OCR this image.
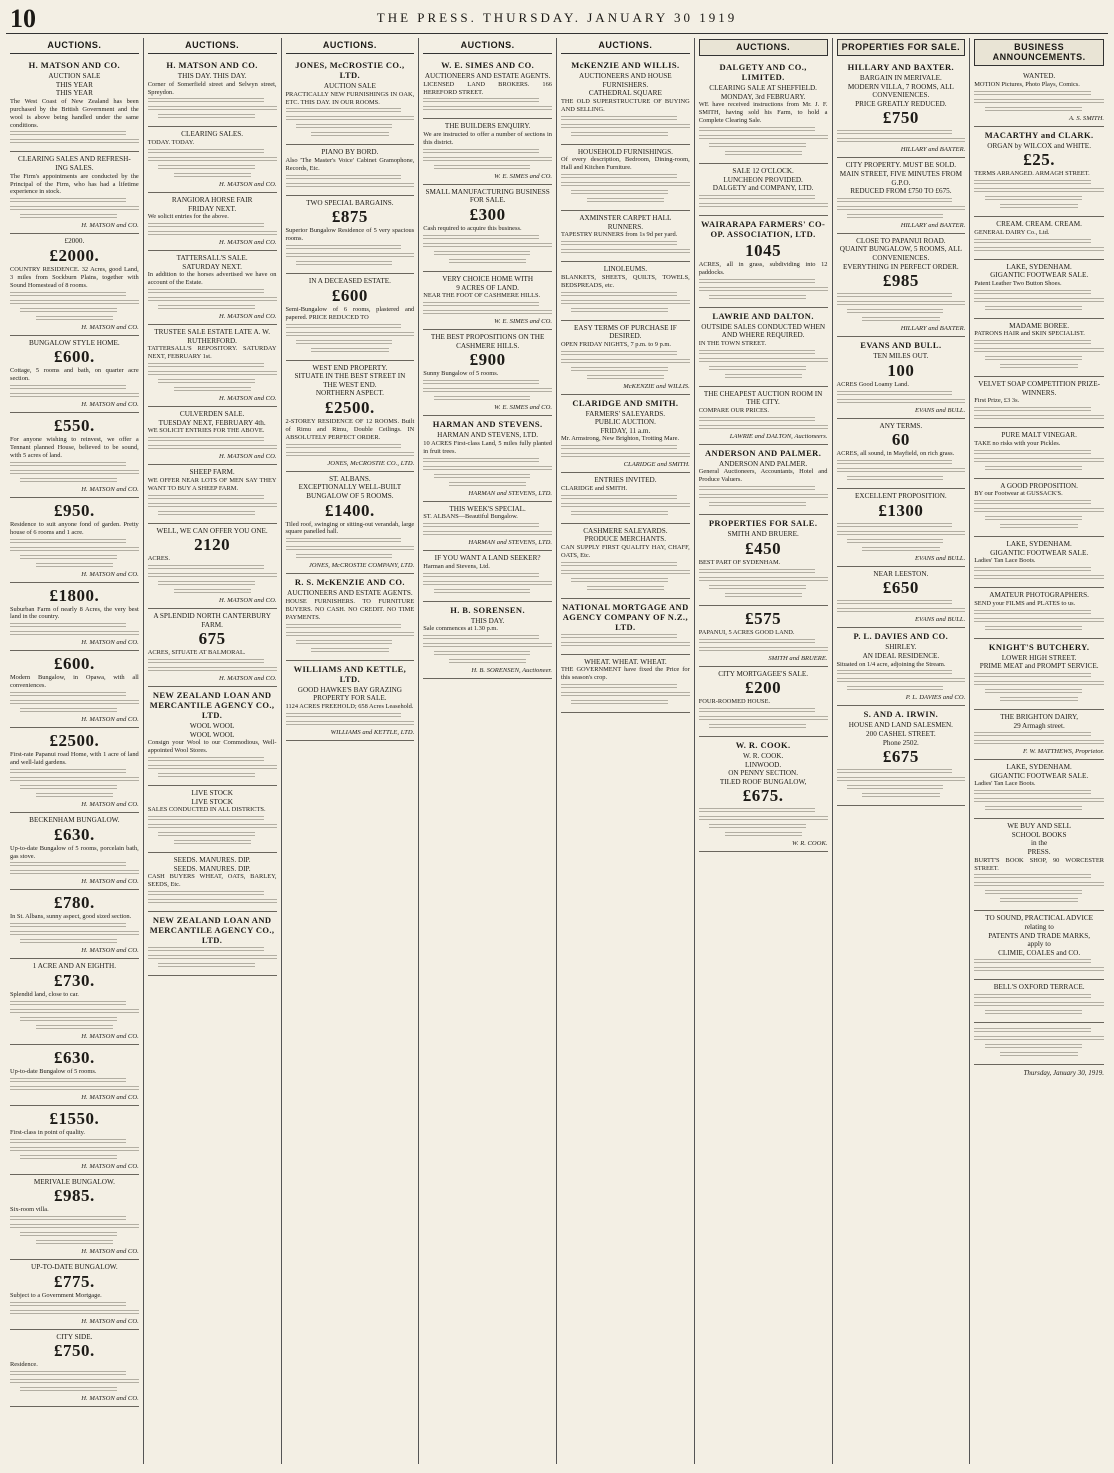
10	THE PRESS. THURSDAY. JANUARY 30 1919
AUCTIONS.
H. MATSON AND CO.
AUCTION SALE
THIS YEAR
THIS YEAR
The West Coast of New Zealand has been purchased by the British Government and the wool is above being handled under the same conditions.
CLEARING SALES AND REFRESH-
ING SALES.
The Firm's appointments are conducted by the Principal of the Firm, who has had a lifetime experience in stock.
H. MATSON and CO.
£2000.
£2000.
COUNTRY RESIDENCE. 32 Acres, good Land, 3 miles from Sockburn Plains, together with Sound Homestead of 8 rooms.
H. MATSON and CO.
BUNGALOW STYLE HOME.
£600.
Cottage, 5 rooms and bath, on quarter acre section.
H. MATSON and CO.
£550.
For anyone wishing to reinvest, we offer a Tennant planned House, believed to be sound, with 5 acres of land.
H. MATSON and CO.
£950.
Residence to suit anyone fond of garden. Pretty house of 6 rooms and 1 acre.
H. MATSON and CO.
£1800.
Suburban Farm of nearly 8 Acres, the very best land in the country.
H. MATSON and CO.
£600.
Modern Bungalow, in Opawa, with all conveniences.
H. MATSON and CO.
£2500.
First-rate Papanui road Home, with 1 acre of land and well-laid gardens.
H. MATSON and CO.
BECKENHAM BUNGALOW.
£630.
Up-to-date Bungalow of 5 rooms, porcelain bath, gas stove.
H. MATSON and CO.
£780.
In St. Albans, sunny aspect, good sized section.
H. MATSON and CO.
1 ACRE AND AN EIGHTH.
£730.
Splendid land, close to car.
H. MATSON and CO.
£630.
Up-to-date Bungalow of 5 rooms.
H. MATSON and CO.
£1550.
First-class in point of quality.
H. MATSON and CO.
MERIVALE BUNGALOW.
£985.
Six-room villa.
H. MATSON and CO.
UP-TO-DATE BUNGALOW.
£775.
Subject to a Government Mortgage.
H. MATSON and CO.
CITY SIDE.
£750.
Residence.
H. MATSON and CO.
AUCTIONS.
H. MATSON AND CO.
THIS DAY. THIS DAY.
Corner of Somerfield street and Selwyn street, Spreydon.
CLEARING SALES.
TODAY. TODAY.
H. MATSON and CO.
RANGIORA HORSE FAIR
FRIDAY NEXT.
We solicit entries for the above.
H. MATSON and CO.
TATTERSALL'S SALE.
SATURDAY NEXT.
In addition to the horses advertised we have on account of the Estate.
H. MATSON and CO.
TRUSTEE SALE ESTATE LATE A. W.
RUTHERFORD.
TATTERSALL'S REPOSITORY. SATURDAY NEXT, FEBRUARY 1st.
H. MATSON and CO.
CULVERDEN SALE.
TUESDAY NEXT, FEBRUARY 4th.
WE SOLICIT ENTRIES FOR THE ABOVE.
H. MATSON and CO.
SHEEP FARM.
WE OFFER NEAR LOTS OF MEN SAY THEY WANT TO BUY A SHEEP FARM.
WELL, WE CAN OFFER YOU ONE.
2120
ACRES.
H. MATSON and CO.
A SPLENDID NORTH CANTERBURY
FARM.
675
ACRES, SITUATE AT BALMORAL.
H. MATSON and CO.
NEW ZEALAND LOAN AND MERCANTILE AGENCY CO., LTD.
WOOL WOOL
WOOL WOOL
Consign your Wool to our Commodious, Well-appointed Wool Stores.
LIVE STOCK
LIVE STOCK
SALES CONDUCTED IN ALL DISTRICTS.
SEEDS. MANURES. DIP.
SEEDS. MANURES. DIP.
CASH BUYERS WHEAT, OATS, BARLEY, SEEDS, Etc.
NEW ZEALAND LOAN AND MERCANTILE AGENCY CO., LTD.
AUCTIONS.
JONES, McCROSTIE CO., LTD.
AUCTION SALE
PRACTICALLY NEW FURNISHINGS IN OAK, ETC. THIS DAY. IN OUR ROOMS.
PIANO BY BORD.
Also 'The Master's Voice' Cabinet Gramophone, Records, Etc.
TWO SPECIAL BARGAINS.
£875
Superior Bungalow Residence of 5 very spacious rooms.
IN A DECEASED ESTATE.
£600
Semi-Bungalow of 6 rooms, plastered and papered. PRICE REDUCED TO
WEST END PROPERTY.
SITUATE IN THE BEST STREET IN
THE WEST END.
NORTHERN ASPECT.
£2500.
2-STOREY RESIDENCE OF 12 ROOMS. Built of Rimu and Rimu, Double Ceilings. IN ABSOLUTELY PERFECT ORDER.
JONES, McCROSTIE CO., LTD.
ST. ALBANS.
EXCEPTIONALLY WELL-BUILT
BUNGALOW OF 5 ROOMS.
£1400.
Tiled roof, swinging or sitting-out verandah, large square panelled hall.
JONES, McCROSTIE COMPANY, LTD.
R. S. McKENZIE AND CO.
AUCTIONEERS AND ESTATE AGENTS.
HOUSE FURNISHERS. TO FURNITURE BUYERS. NO CASH. NO CREDIT. NO TIME PAYMENTS.
WILLIAMS AND KETTLE, LTD.
GOOD HAWKE'S BAY GRAZING PROPERTY FOR SALE.
1124 ACRES FREEHOLD; 658 Acres Leasehold.
WILLIAMS and KETTLE, LTD.
AUCTIONS.
W. E. SIMES AND CO.
AUCTIONEERS AND ESTATE AGENTS.
LICENSED LAND BROKERS. 166 HEREFORD STREET.
THE BUILDERS ENQUIRY.
We are instructed to offer a number of sections in this district.
W. E. SIMES and CO.
SMALL MANUFACTURING BUSINESS FOR SALE.
£300
Cash required to acquire this business.
VERY CHOICE HOME WITH
9 ACRES OF LAND.
NEAR THE FOOT OF CASHMERE HILLS.
W. E. SIMES and CO.
THE BEST PROPOSITIONS ON THE
CASHMERE HILLS.
£900
Sunny Bungalow of 5 rooms.
W. E. SIMES and CO.
HARMAN AND STEVENS.
HARMAN AND STEVENS, LTD.
10 ACRES First-class Land, 5 miles fully planted in fruit trees.
HARMAN and STEVENS, LTD.
THIS WEEK'S SPECIAL.
ST. ALBANS—Beautiful Bungalow.
HARMAN and STEVENS, LTD.
IF YOU WANT A LAND SEEKER?
Harman and Stevens, Ltd.
H. B. SORENSEN.
THIS DAY.
Sale commences at 1.30 p.m.
H. B. SORENSEN, Auctioneer.
AUCTIONS.
McKENZIE AND WILLIS.
AUCTIONEERS AND HOUSE FURNISHERS.
CATHEDRAL SQUARE
THE OLD SUPERSTRUCTURE OF BUYING AND SELLING.
HOUSEHOLD FURNISHINGS.
Of every description, Bedroom, Dining-room, Hall and Kitchen Furniture.
AXMINSTER CARPET HALL RUNNERS.
TAPESTRY RUNNERS from 1s 9d per yard.
LINOLEUMS.
BLANKETS, SHEETS, QUILTS, TOWELS, BEDSPREADS, etc.
EASY TERMS OF PURCHASE IF
DESIRED.
OPEN FRIDAY NIGHTS, 7 p.m. to 9 p.m.
McKENZIE and WILLIS.
CLARIDGE AND SMITH.
FARMERS' SALEYARDS.
PUBLIC AUCTION.
FRIDAY, 11 a.m.
Mr. Armstrong, New Brighton, Trotting Mare.
CLARIDGE and SMITH.
ENTRIES INVITED.
CLARIDGE and SMITH.
CASHMERE SALEYARDS.
PRODUCE MERCHANTS.
CAN SUPPLY FIRST QUALITY HAY, CHAFF, OATS, Etc.
NATIONAL MORTGAGE AND AGENCY COMPANY OF N.Z., LTD.
WHEAT. WHEAT. WHEAT.
THE GOVERNMENT have fixed the Price for this season's crop.
AUCTIONS.
DALGETY AND CO., LIMITED.
CLEARING SALE AT SHEFFIELD.
MONDAY, 3rd FEBRUARY.
WE have received instructions from Mr. J. F. SMITH, having sold his Farm, to hold a Complete Clearing Sale.
SALE 12 O'CLOCK.
LUNCHEON PROVIDED.
DALGETY and COMPANY, LTD.
WAIRARAPA FARMERS' CO-OP. ASSOCIATION, LTD.
1045
ACRES, all in grass, subdividing into 12 paddocks.
LAWRIE AND DALTON.
OUTSIDE SALES CONDUCTED WHEN AND WHERE REQUIRED.
IN THE TOWN STREET.
THE CHEAPEST AUCTION ROOM IN THE CITY.
COMPARE OUR PRICES.
LAWRIE and DALTON, Auctioneers.
ANDERSON AND PALMER.
ANDERSON AND PALMER.
General Auctioneers, Accountants, Hotel and Produce Valuers.
PROPERTIES FOR SALE.
SMITH AND BRUERE.
£450
BEST PART OF SYDENHAM.
£575
PAPANUI, 5 ACRES GOOD LAND.
SMITH and BRUERE.
CITY MORTGAGEE'S SALE.
£200
FOUR-ROOMED HOUSE.
W. R. COOK.
W. R. COOK.
LINWOOD.
ON PENNY SECTION.
TILED ROOF BUNGALOW,
£675.
W. R. COOK.
PROPERTIES FOR SALE.
HILLARY AND BAXTER.
BARGAIN IN MERIVALE.
MODERN VILLA, 7 ROOMS, ALL CONVENIENCES.
PRICE GREATLY REDUCED.
£750
HILLARY and BAXTER.
CITY PROPERTY. MUST BE SOLD.
MAIN STREET, FIVE MINUTES FROM
G.P.O.
REDUCED FROM £750 TO £675.
HILLARY and BAXTER.
CLOSE TO PAPANUI ROAD.
QUAINT BUNGALOW, 5 ROOMS, ALL CONVENIENCES.
EVERYTHING IN PERFECT ORDER.
£985
HILLARY and BAXTER.
EVANS AND BULL.
TEN MILES OUT.
100
ACRES Good Loamy Land.
EVANS and BULL.
ANY TERMS.
60
ACRES, all sound, in Mayfield, on rich grass.
EXCELLENT PROPOSITION.
£1300
EVANS and BULL.
NEAR LEESTON.
£650
EVANS and BULL.
P. L. DAVIES AND CO.
SHIRLEY.
AN IDEAL RESIDENCE.
Situated on 1/4 acre, adjoining the Stream.
P. L. DAVIES and CO.
S. AND A. IRWIN.
HOUSE AND LAND SALESMEN.
200 CASHEL STREET.
Phone 2502.
£675
BUSINESS ANNOUNCEMENTS.
WANTED.
MOTION Pictures, Photo Plays, Comics.
A. S. SMITH.
MACARTHY and CLARK.
ORGAN by WILCOX and WHITE.
£25.
TERMS ARRANGED. ARMAGH STREET.
CREAM. CREAM. CREAM.
GENERAL DAIRY Co., Ltd.
LAKE, SYDENHAM.
GIGANTIC FOOTWEAR SALE.
Patent Leather Two Button Shoes.
MADAME BOREE.
PATRONS HAIR and SKIN SPECIALIST.
VELVET SOAP COMPETITION PRIZE-WINNERS.
First Prize, £3 3s.
PURE MALT VINEGAR.
TAKE no risks with your Pickles.
A GOOD PROPOSITION.
BY our Footwear at GUSSACK'S.
LAKE, SYDENHAM.
GIGANTIC FOOTWEAR SALE.
Ladies' Tan Lace Boots.
AMATEUR PHOTOGRAPHERS.
SEND your FILMS and PLATES to us.
KNIGHT'S BUTCHERY.
LOWER HIGH STREET.
PRIME MEAT and PROMPT SERVICE.
THE BRIGHTON DAIRY,
29 Armagh street.
F. W. MATTHEWS, Proprietor.
LAKE, SYDENHAM.
GIGANTIC FOOTWEAR SALE.
Ladies' Tan Lace Boots.
WE BUY AND SELL
SCHOOL BOOKS
in the
PRESS.
BURTT'S BOOK SHOP, 90 WORCESTER STREET.
TO SOUND, PRACTICAL ADVICE
relating to
PATENTS AND TRADE MARKS,
apply to
CLIMIE, COALES and CO.
BELL'S OXFORD TERRACE.
Thursday, January 30, 1919.
